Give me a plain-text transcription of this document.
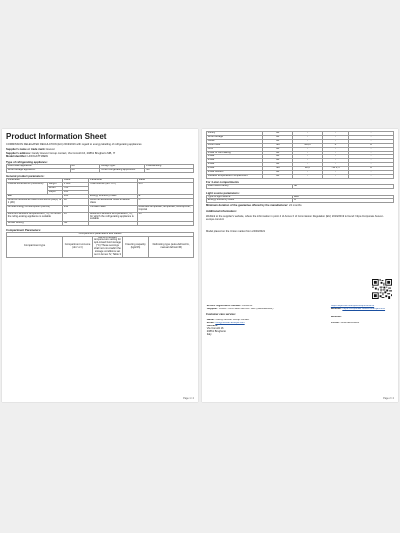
Product Information Sheet
COMMISSION DELEGATED REGULATION (EU) 2019/2016 with regard to energy labelling of refrigerating appliances
Supplier's name or trade mark: Hoover
Supplier's address: Candy Hoover Group contact, Via Comolli 16, 20861 Brugherio MB, IT
Model identifier: HOOGATT18EW
Type of refrigerating appliance:
Low-noise appliance:	No	Design type:	Freestanding
Wine storage appliance:	No	Other refrigerating appli-ance:	No
General product parameters:
Parameter		Value	Parameter	Value
Overall dimensions (millimetre)	Height	1 800	Total volume (dm³ or l)	467
	Width	700		
	Depth	655		
EEI		100	Energy efficiency class	E
Airborne acoustical noise emis-sions (dB(A) re 1 pW)		38	Airborne acoustical noise emission class	C
Annual energy consumption (kWh/a)		293	Climate class:	extended temperate, temperate, subtropi-cal, tropical
Minimum ambient tempera-ture (°C), for which the refrig-erating appliance is suitable		10	Maximum ambient tem-perature (°C), for which the refrigerating appliance is suitable	43
Winter setting		No		
Compartment Parameters:
Compartment parameters and values
Compartment type	Compartment vol-ume (dm³ or l)	Recom-mended tempera-ture setting for opti-mised food storage (°C) These set-tings shall not con-tradict the storage conditions set out in Annex IV, Table 3	Freezing capacity (kg/24h)	Defrosting type (auto-defrost=A, manual defrost=M)
Page 1 / 2
Pantry	No	-	-	-
Wine storage	No	-	-	-
Cellar	No	-	-	-
Fresh food	Yes	369,0	4	A
Chill	No	-	-	-
0-star or ice-making	No	-	-	-
1-star	No	-	-	-
2-star	No	-	-	-
3-star	No	-	-	-
4-star	Yes	98,0	-18 4,5	A
2-star section	No	-	-	-
Variable temperature compartment	No	-	-	-
For 4-star compartments
Fast freeze facility	No
Light source parameters:
Type of light source	LED
Energy efficiency class	G
Minimum duration of the guarantee offered by the manufacturer: 24 months
Additional information:
Weblink to the supplier's website, where the information in point 4 of Annex II of Commission Regulation (EU) 2019/2019 is found: https://corporate.hoover-europe.com/en/
Model placed on the Union market from 24/03/2021
EPREL registration number: 2294133	https://eprel.ec.europa.eu/qr/2294133
Supplier: CANDY HOOVER GROUP SRL (Manufacturer)	Website: https://corporate.hoover-europe.com/
Customer care service:
	Website:
Name: Candy Hoover Group contact	
Email: info@hoover-europe.com	Phone: +390392083861

Address:
Via Comolli 16
20861 Brugherio
Italy	

Page 2 / 2
